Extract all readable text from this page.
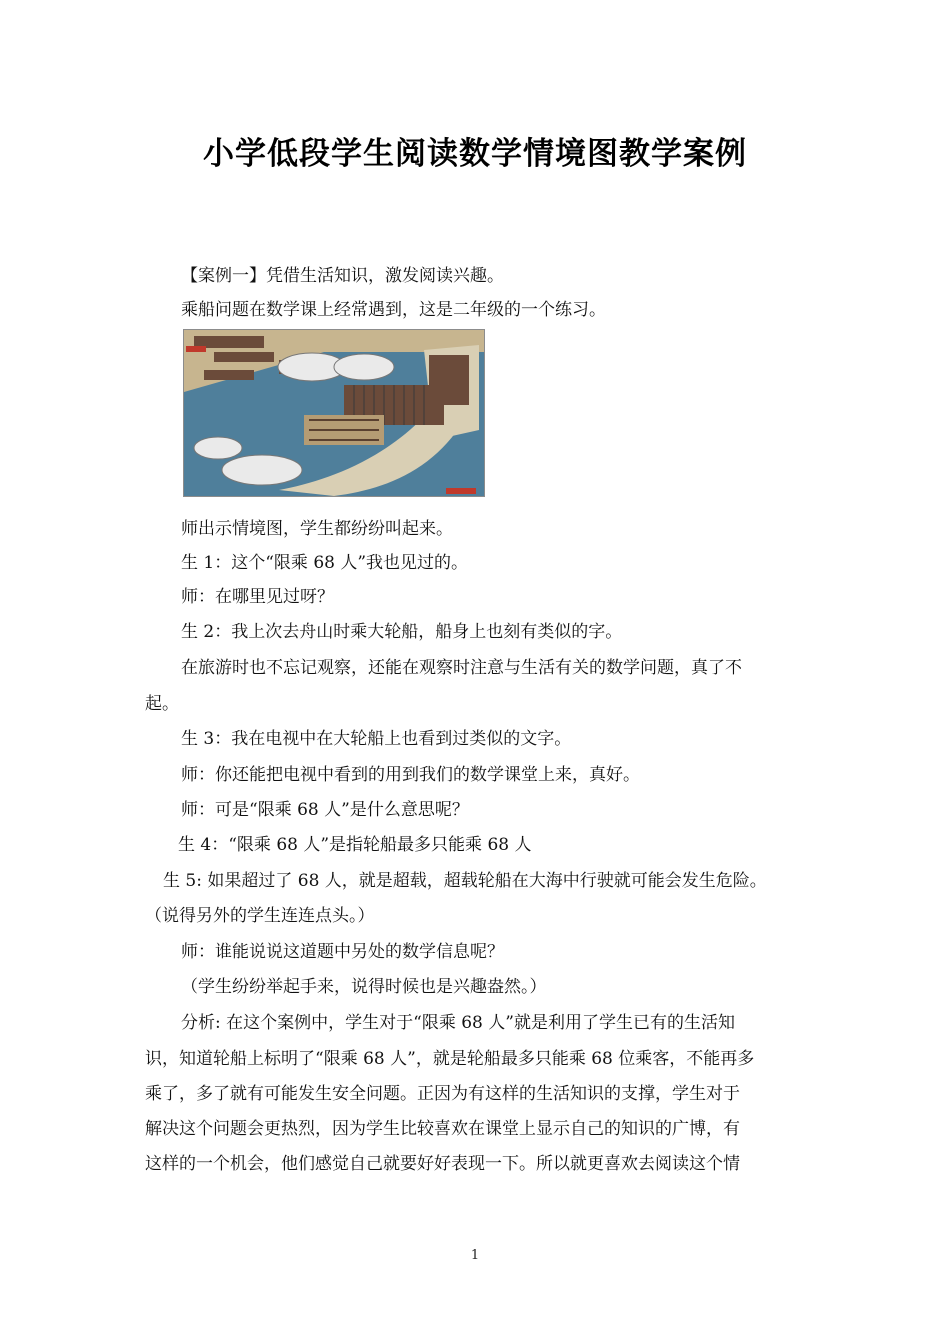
小学低段学生阅读数学情境图教学案例
【案例一】凭借生活知识，激发阅读兴趣。
乘船问题在数学课上经常遇到，这是二年级的一个练习。
师出示情境图，学生都纷纷叫起来。
生 1：这个“限乘 68 人”我也见过的。
师：在哪里见过呀？
生 2：我上次去舟山时乘大轮船，船身上也刻有类似的字。
在旅游时也不忘记观察，还能在观察时注意与生活有关的数学问题，真了不
起。
生 3：我在电视中在大轮船上也看到过类似的文字。
师：你还能把电视中看到的用到我们的数学课堂上来，真好。
师：可是“限乘 68 人”是什么意思呢？
生 4：“限乘 68 人”是指轮船最多只能乘 68 人
生 5: 如果超过了 68 人，就是超载，超载轮船在大海中行驶就可能会发生危险。
（说得另外的学生连连点头。）
师：谁能说说这道题中另处的数学信息呢？
（学生纷纷举起手来，说得时候也是兴趣盎然。）
分析: 在这个案例中，学生对于“限乘 68 人”就是利用了学生已有的生活知
识，知道轮船上标明了“限乘 68 人”，就是轮船最多只能乘 68 位乘客，不能再多
乘了，多了就有可能发生安全问题。正因为有这样的生活知识的支撑，学生对于
解决这个问题会更热烈，因为学生比较喜欢在课堂上显示自己的知识的广博，有
这样的一个机会，他们感觉自己就要好好表现一下。所以就更喜欢去阅读这个情
1
